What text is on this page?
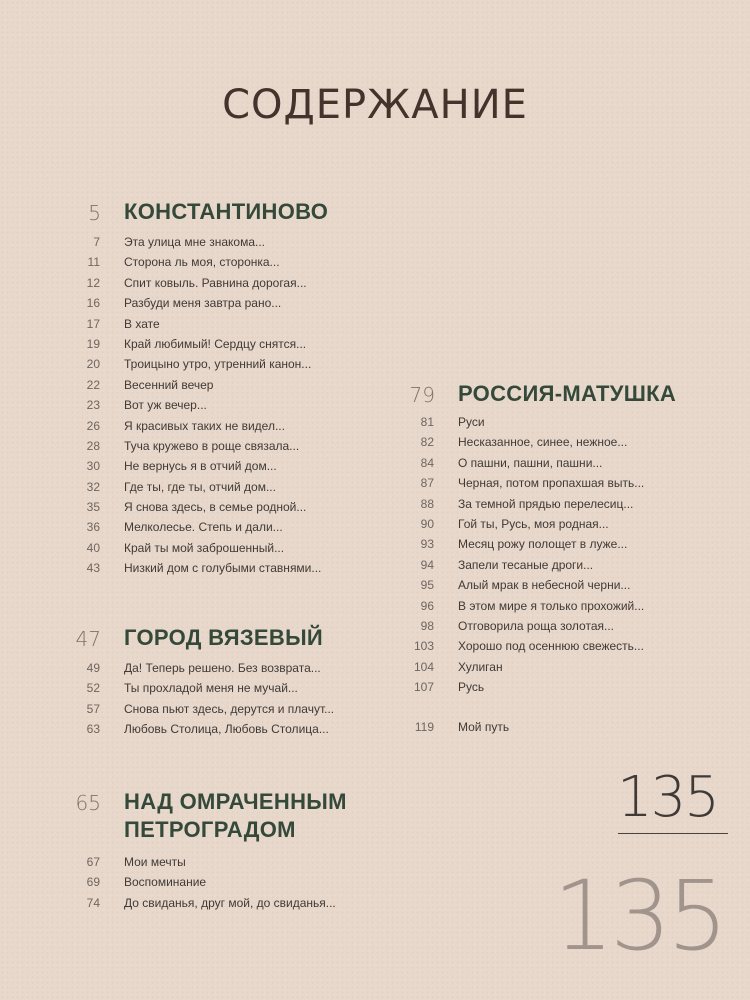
СОДЕРЖАНИЕ
5 КОНСТАНТИНОВО
7 Эта улица мне знакома...
11 Сторона ль моя, сторонка...
12 Спит ковыль. Равнина дорогая...
16 Разбуди меня завтра рано...
17 В хате
19 Край любимый! Сердцу снятся...
20 Троицыно утро, утренний канон...
22 Весенний вечер
23 Вот уж вечер...
26 Я красивых таких не видел...
28 Туча кружево в роще связала...
30 Не вернусь я в отчий дом...
32 Где ты, где ты, отчий дом...
35 Я снова здесь, в семье родной...
36 Мелколесье. Степь и дали...
40 Край ты мой заброшенный...
43 Низкий дом с голубыми ставнями...
47 ГОРОД ВЯЗЕВЫЙ
49 Да! Теперь решено. Без возврата...
52 Ты прохладой меня не мучай...
57 Снова пьют здесь, дерутся и плачут...
63 Любовь Столица, Любовь Столица...
65 НАД ОМРАЧЕННЫМ ПЕТРОГРАДОМ
67 Мои мечты
69 Воспоминание
74 До свиданья, друг мой, до свиданья...
79 РОССИЯ-МАТУШКА
81 Руси
82 Несказанное, синее, нежное...
84 О пашни, пашни, пашни...
87 Черная, потом пропахшая выть...
88 За темной прядью перелесиц...
90 Гой ты, Русь, моя родная...
93 Месяц рожу полощет в луже...
94 Запели тесаные дроги...
95 Алый мрак в небесной черни...
96 В этом мире я только прохожий...
98 Отговорила роща золотая...
103 Хорошо под осеннюю свежесть...
104 Хулиган
107 Русь
119 Мой путь
135
135
